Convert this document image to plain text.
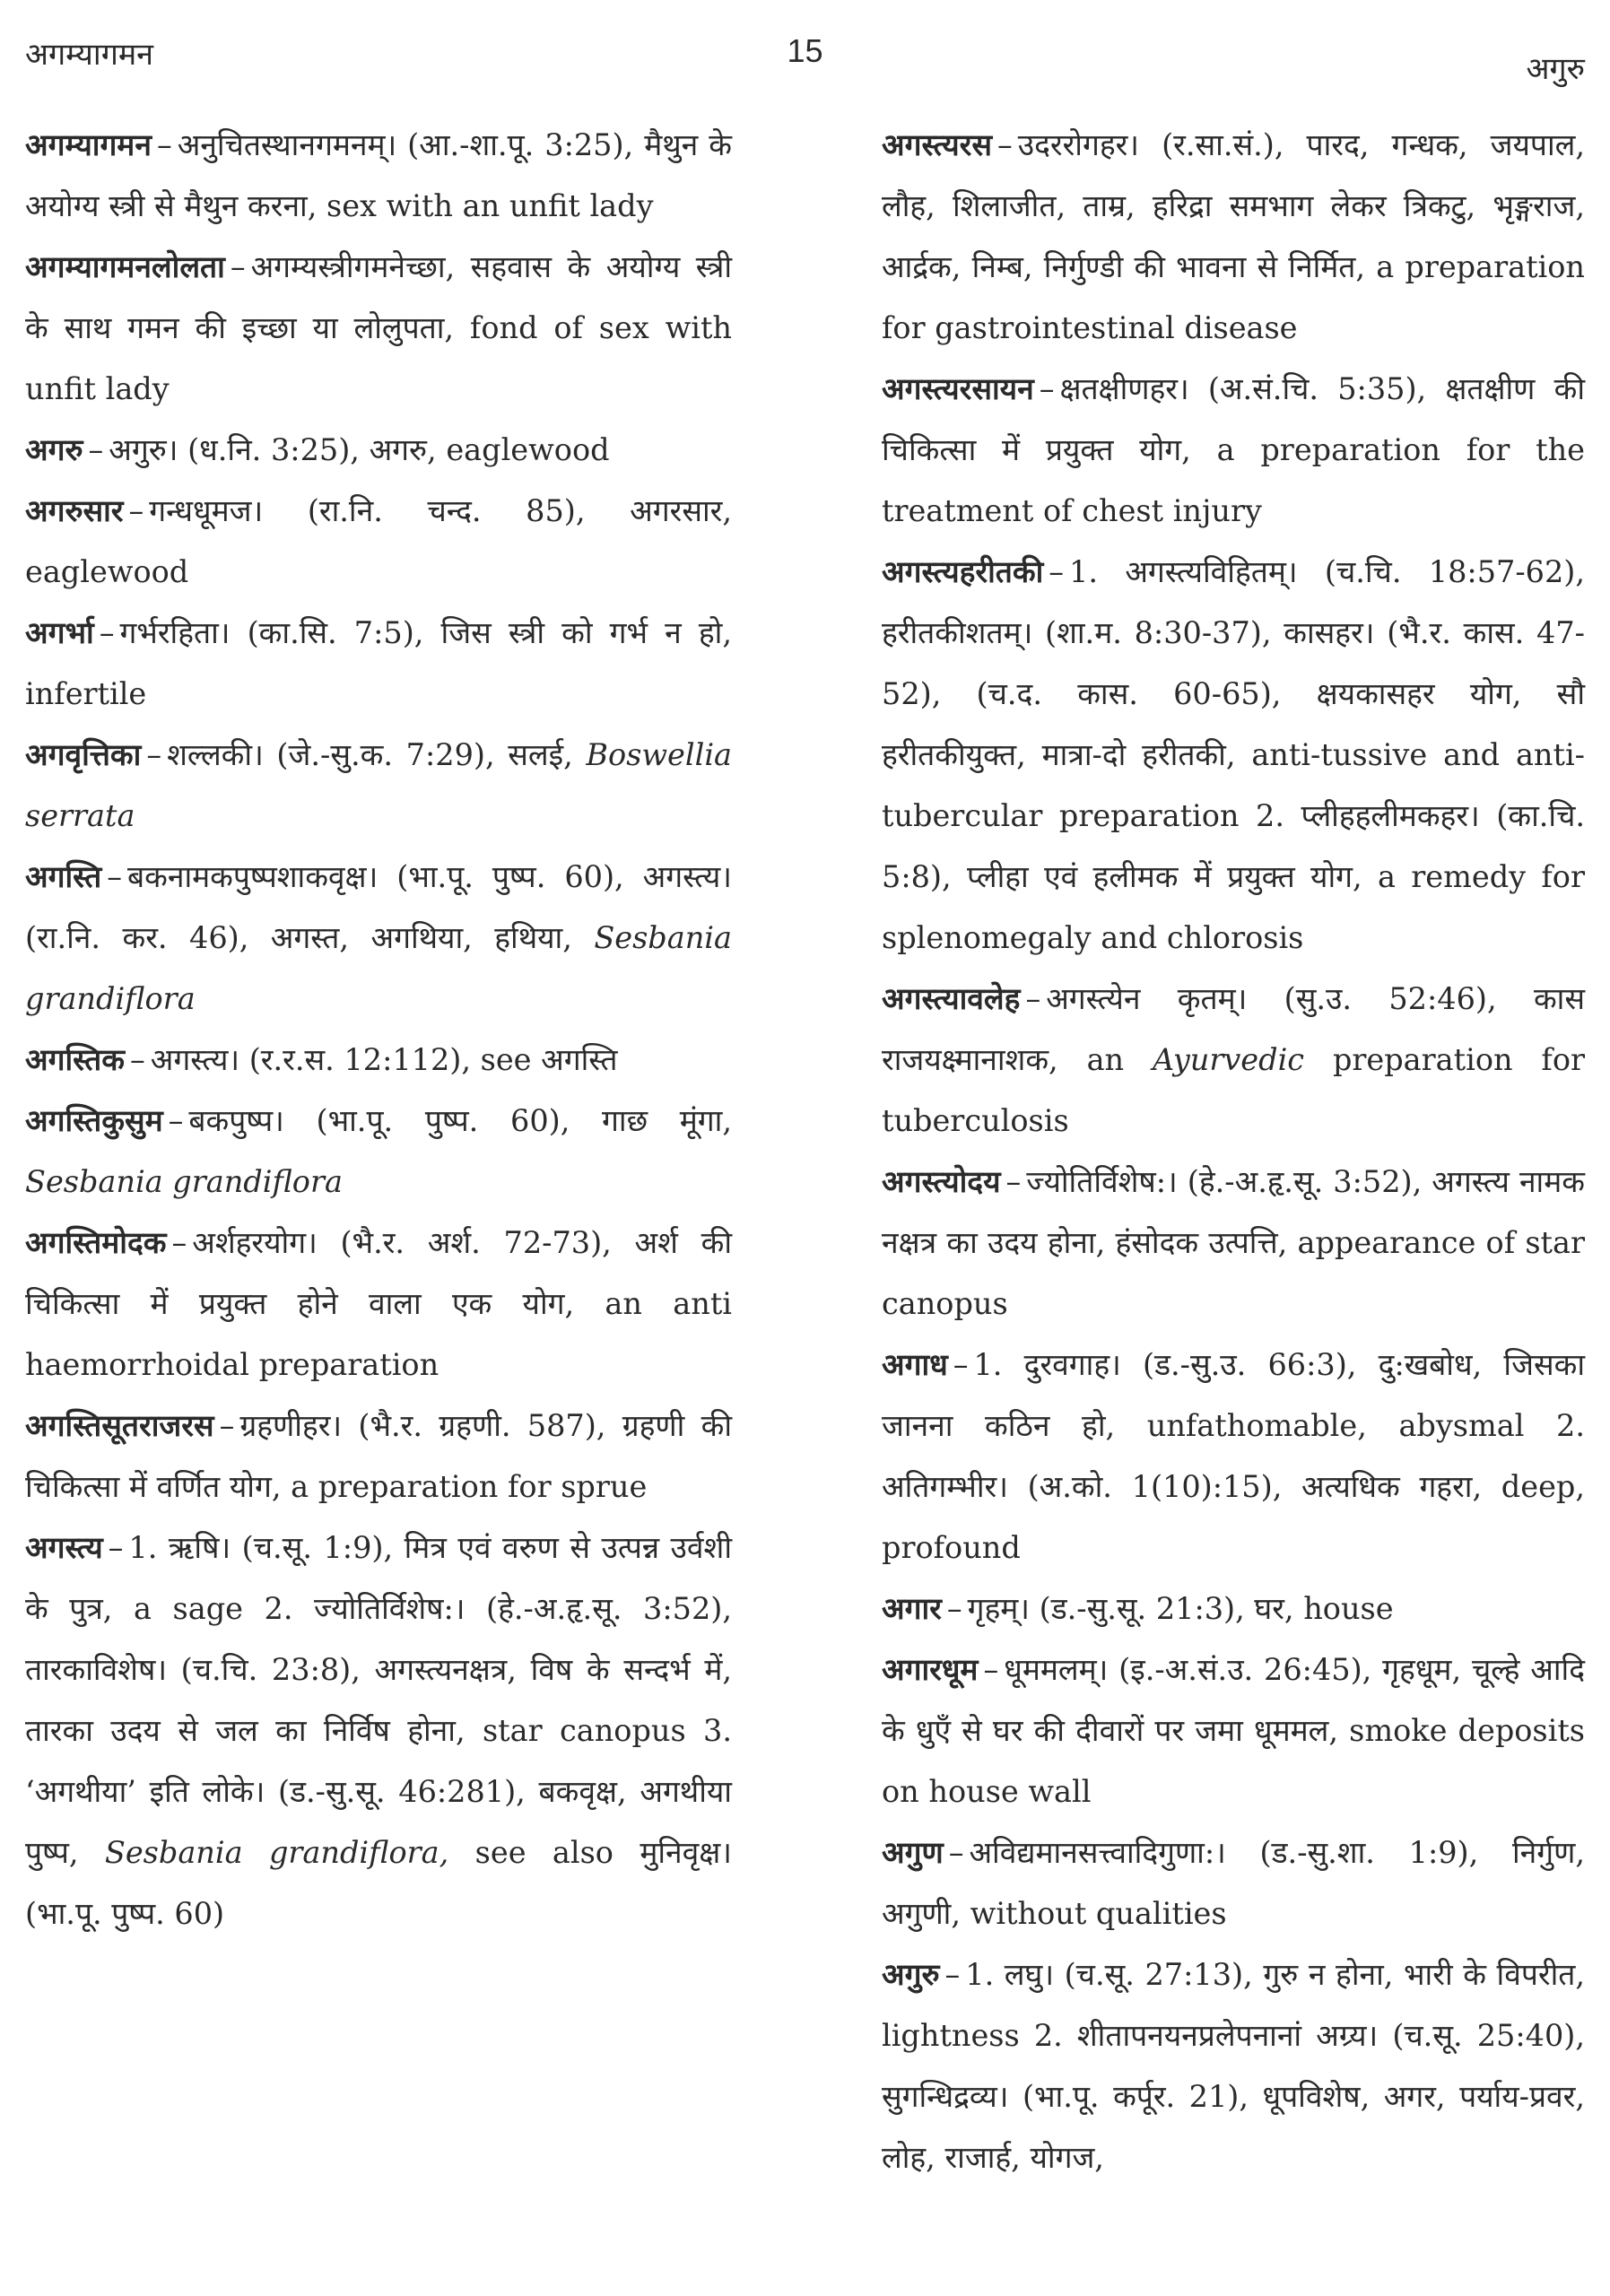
अगम्यागमन	15	अगुरु

अगम्यागमन – अनुचितस्थानगमनम्। (आ.-शा.पू. 3:25), मैथुन के अयोग्य स्त्री से मैथुन करना, sex with an unfit lady

अगम्यागमनलोलता – अगम्यस्त्रीगमनेच्छा, सहवास के अयोग्य स्त्री के साथ गमन की इच्छा या लोलुपता, fond of sex with unfit lady

अगरु – अगुरु। (ध.नि. 3:25), अगरु, eaglewood

अगरुसार – गन्धधूमज। (रा.नि. चन्द. 85), अगरसार, eaglewood

अगर्भा – गर्भरहिता। (का.सि. 7:5), जिस स्त्री को गर्भ न हो, infertile

अगवृत्तिका – शल्लकी। (जे.-सु.क. 7:29), सलई, Boswellia serrata

अगस्ति – बकनामकपुष्पशाकवृक्ष। (भा.पू. पुष्प. 60), अगस्त्य। (रा.नि. कर. 46), अगस्त, अगथिया, हथिया, Sesbania grandiflora

अगस्तिक – अगस्त्य। (र.र.स. 12:112), see अगस्ति

अगस्तिकुसुम – बकपुष्प। (भा.पू. पुष्प. 60), गाछ मूंगा, Sesbania grandiflora

अगस्तिमोदक – अर्शहरयोग। (भै.र. अर्श. 72-73), अर्श की चिकित्सा में प्रयुक्त होने वाला एक योग, an anti haemorrhoidal preparation

अगस्तिसूतराजरस – ग्रहणीहर। (भै.र. ग्रहणी. 587), ग्रहणी की चिकित्सा में वर्णित योग, a preparation for sprue

अगस्त्य – 1. ऋषि। (च.सू. 1:9), मित्र एवं वरुण से उत्पन्न उर्वशी के पुत्र, a sage 2. ज्योतिर्विशेष:। (हे.-अ.हृ.सू. 3:52), तारकाविशेष। (च.चि. 23:8), अगस्त्यनक्षत्र, विष के सन्दर्भ में, तारका उदय से जल का निर्विष होना, star canopus 3. ‘अगथीया’ इति लोके। (ड.-सु.सू. 46:281), बकवृक्ष, अगथीया पुष्प, Sesbania grandiflora, see also मुनिवृक्ष। (भा.पू. पुष्प. 60)

अगस्त्यरस – उदररोगहर। (र.सा.सं.), पारद, गन्धक, जयपाल, लौह, शिलाजीत, ताम्र, हरिद्रा समभाग लेकर त्रिकटु, भृङ्गराज, आर्द्रक, निम्ब, निर्गुण्डी की भावना से निर्मित, a preparation for gastrointestinal disease

अगस्त्यरसायन – क्षतक्षीणहर। (अ.सं.चि. 5:35), क्षतक्षीण की चिकित्सा में प्रयुक्त योग, a preparation for the treatment of chest injury

अगस्त्यहरीतकी – 1. अगस्त्यविहितम्। (च.चि. 18:57-62), हरीतकीशतम्। (शा.म. 8:30-37), कासहर। (भै.र. कास. 47-52), (च.द. कास. 60-65), क्षयकासहर योग, सौ हरीतकीयुक्त, मात्रा-दो हरीतकी, anti-tussive and anti-tubercular preparation 2. प्लीहहलीमकहर। (का.चि. 5:8), प्लीहा एवं हलीमक में प्रयुक्त योग, a remedy for splenomegaly and chlorosis

अगस्त्यावलेह – अगस्त्येन कृतम्। (सु.उ. 52:46), कास राजयक्ष्मानाशक, an Ayurvedic preparation for tuberculosis

अगस्त्योदय – ज्योतिर्विशेष:। (हे.-अ.हृ.सू. 3:52), अगस्त्य नामक नक्षत्र का उदय होना, हंसोदक उत्पत्ति, appearance of star canopus

अगाध – 1. दुरवगाह। (ड.-सु.उ. 66:3), दु:खबोध, जिसका जानना कठिन हो, unfathomable, abysmal 2. अतिगम्भीर। (अ.को. 1(10):15), अत्यधिक गहरा, deep, profound

अगार – गृहम्। (ड.-सु.सू. 21:3), घर, house

अगारधूम – धूममलम्। (इ.-अ.सं.उ. 26:45), गृहधूम, चूल्हे आदि के धुएँ से घर की दीवारों पर जमा धूममल, smoke deposits on house wall

अगुण – अविद्यमानसत्त्वादिगुणा:। (ड.-सु.शा. 1:9), निर्गुण, अगुणी, without qualities

अगुरु – 1. लघु। (च.सू. 27:13), गुरु न होना, भारी के विपरीत, lightness 2. शीतापनयनप्रलेपनानां अग्र्य। (च.सू. 25:40), सुगन्धिद्रव्य। (भा.पू. कर्पूर. 21), धूपविशेष, अगर, पर्याय-प्रवर, लोह, राजार्ह, योगज,
